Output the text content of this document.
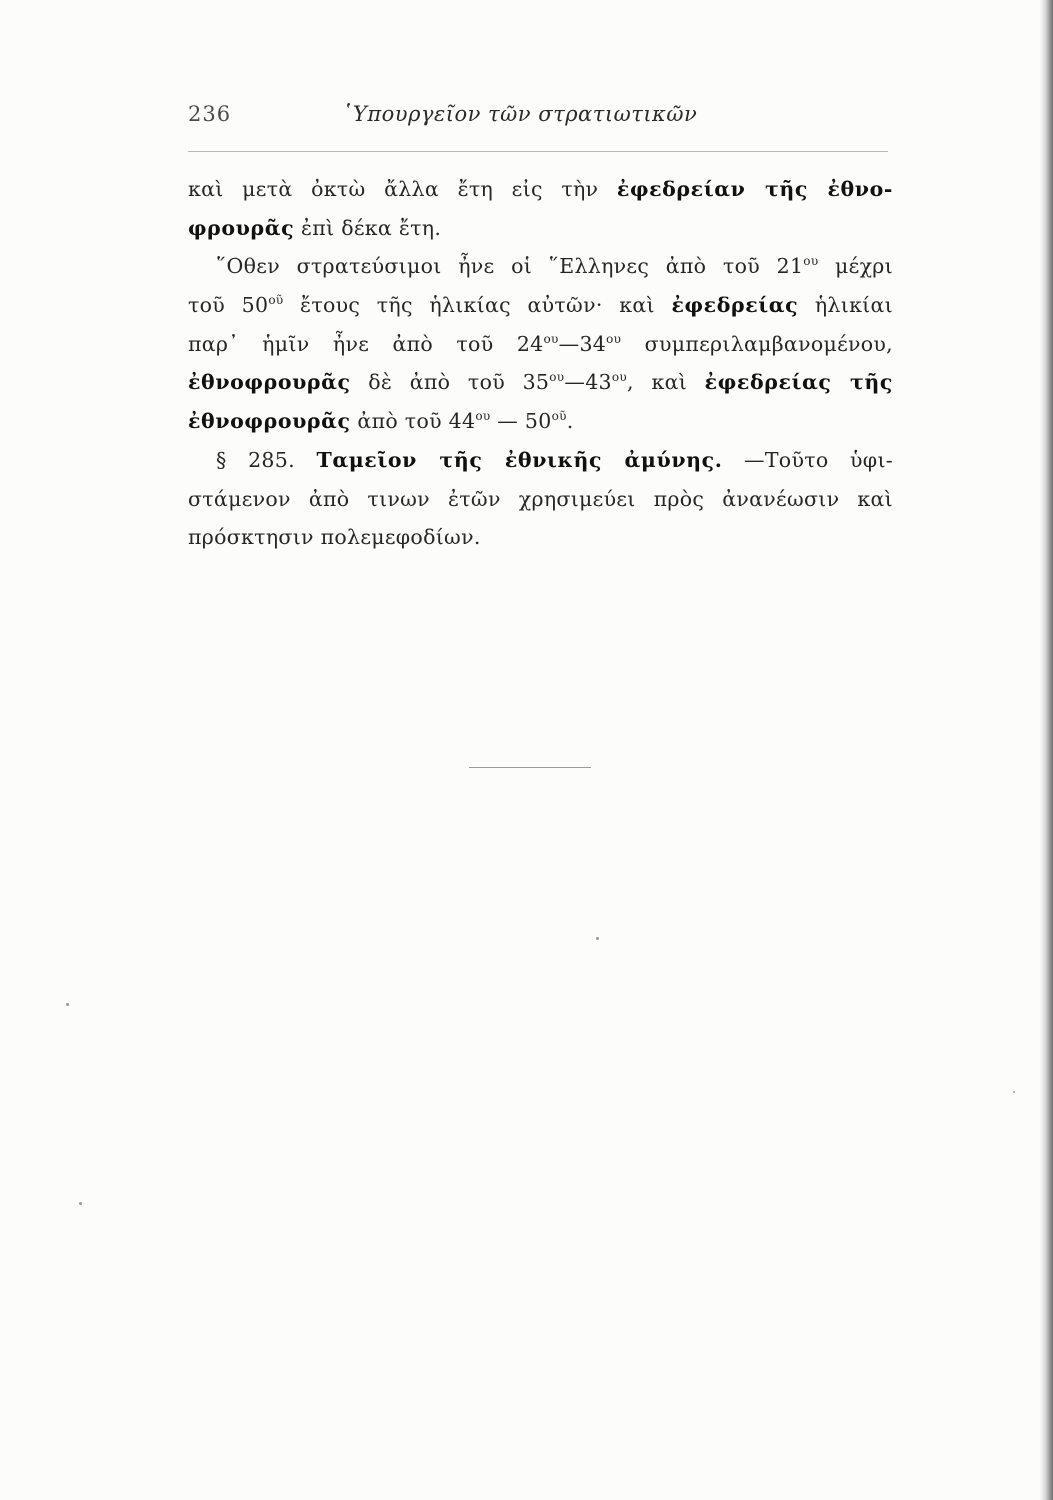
236	῾Υπουργεῖον τῶν στρατιωτικῶν
καὶ μετὰ ὀκτὼ ἄλλα ἔτη εἰς τὴν ἐφεδρείαν τῆς ἐθνο-
φρουρᾶς ἐπὶ δέκα ἔτη.
῞Οθεν στρατεύσιμοι ἦνε οἱ ῞Ελληνες ἀπὸ τοῦ $21^{o\upsilon}$ μέχρι
τοῦ $50^{oῦ}$ ἔτους τῆς ἡλικίας αὐτῶν· καὶ ἐφεδρείας ἡλικίαι
παρ᾽ ἡμῖν ἦνε ἀπὸ τοῦ $24^{o\upsilon}—34^{o\upsilon}$ συμπεριλαμβανομένου,
ἐθνοφρουρᾶς δὲ ἀπὸ τοῦ $35^{o\upsilon}—43^{o\upsilon}$, καὶ ἐφεδρείας τῆς
ἐθνοφρουρᾶς ἀπὸ τοῦ $44^{o\upsilon}$ — $50^{oῦ}$.
§ 285. Ταμεῖον τῆς ἐθνικῆς ἀμύνης. —Τοῦτο ὑφι-
στάμενον ἀπὸ τινων ἐτῶν χρησιμεύει πρὸς ἀνανέωσιν καὶ
πρόσκτησιν πολεμεφοδίων.
